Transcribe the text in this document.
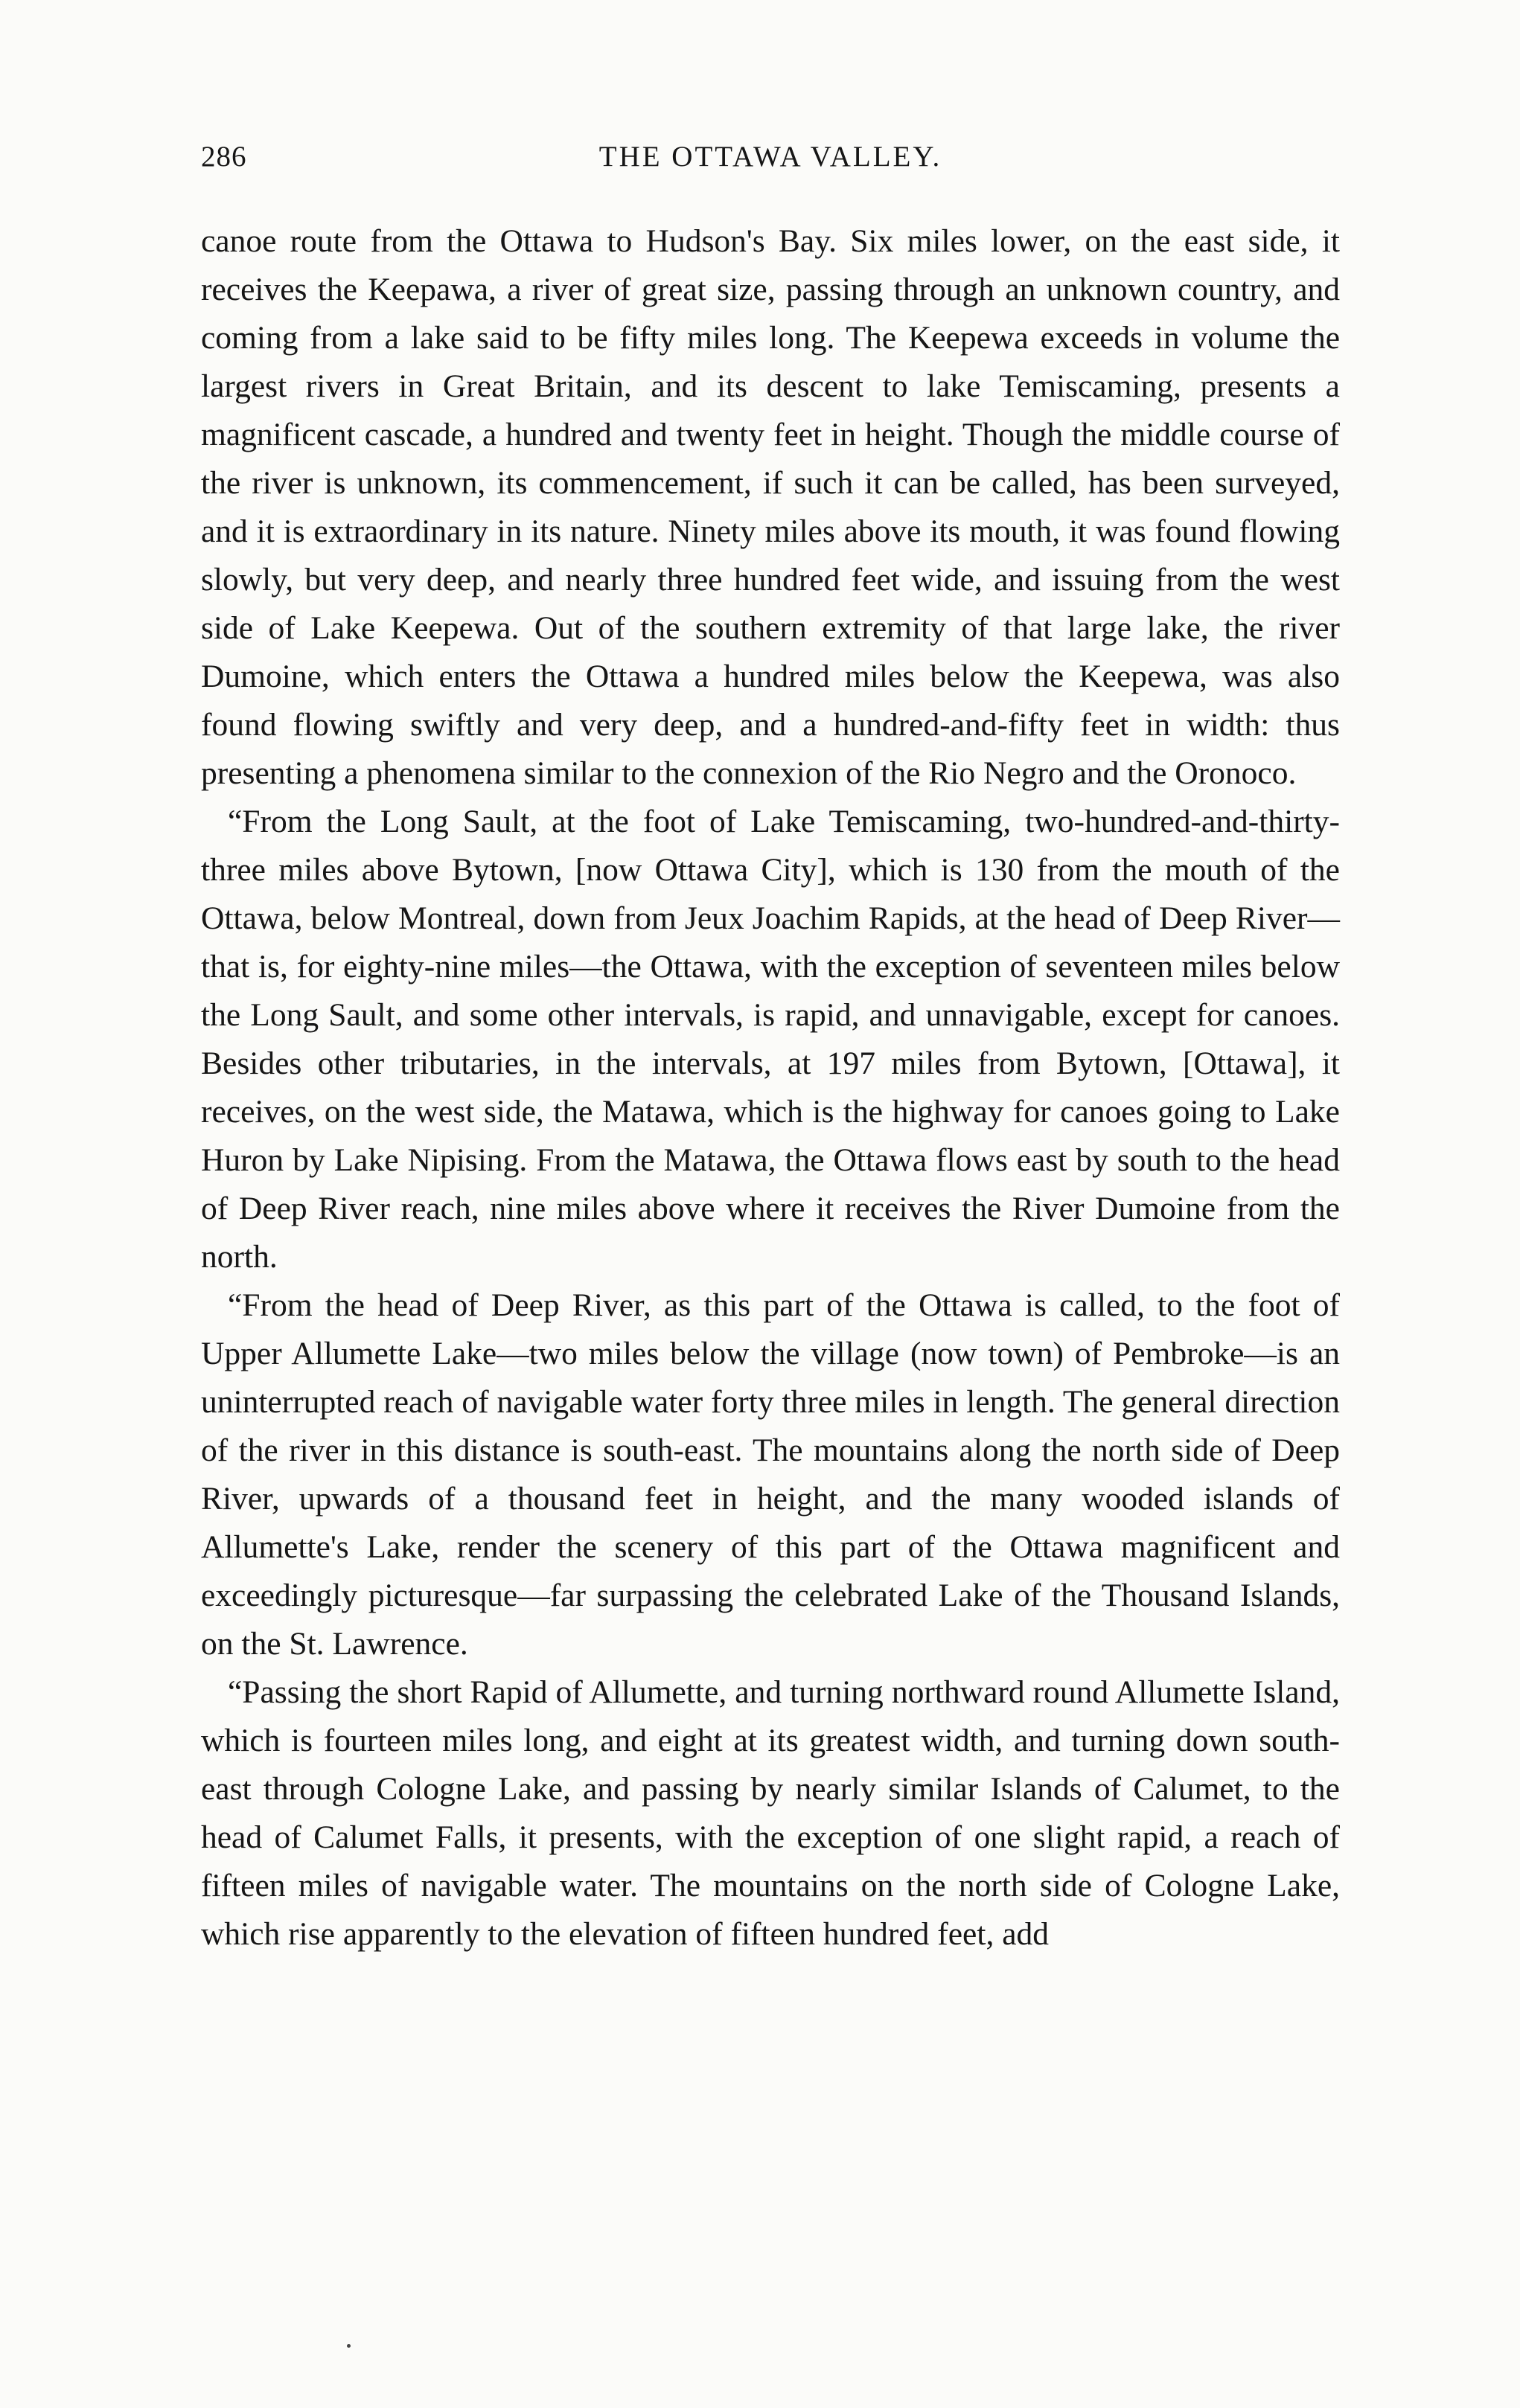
286	THE OTTAWA VALLEY.

canoe route from the Ottawa to Hudson's Bay. Six miles lower, on the east side, it receives the Keepawa, a river of great size, passing through an unknown country, and coming from a lake said to be fifty miles long. The Keepewa exceeds in volume the largest rivers in Great Britain, and its descent to lake Temiscaming, presents a magnificent cascade, a hundred and twenty feet in height. Though the middle course of the river is unknown, its commencement, if such it can be called, has been surveyed, and it is extraordinary in its nature. Ninety miles above its mouth, it was found flowing slowly, but very deep, and nearly three hundred feet wide, and issuing from the west side of Lake Keepewa. Out of the southern extremity of that large lake, the river Dumoine, which enters the Ottawa a hundred miles below the Keepewa, was also found flowing swiftly and very deep, and a hundred-and-fifty feet in width: thus presenting a phenomena similar to the connexion of the Rio Negro and the Oronoco.

“From the Long Sault, at the foot of Lake Temiscaming, two-hundred-and-thirty-three miles above Bytown, [now Ottawa City], which is 130 from the mouth of the Ottawa, below Montreal, down from Jeux Joachim Rapids, at the head of Deep River—that is, for eighty-nine miles—the Ottawa, with the exception of seventeen miles below the Long Sault, and some other intervals, is rapid, and unnavigable, except for canoes. Besides other tributaries, in the intervals, at 197 miles from Bytown, [Ottawa], it receives, on the west side, the Matawa, which is the highway for canoes going to Lake Huron by Lake Nipising. From the Matawa, the Ottawa flows east by south to the head of Deep River reach, nine miles above where it receives the River Dumoine from the north.

“From the head of Deep River, as this part of the Ottawa is called, to the foot of Upper Allumette Lake—two miles below the village (now town) of Pembroke—is an uninterrupted reach of navigable water forty three miles in length. The general direction of the river in this distance is south-east. The mountains along the north side of Deep River, upwards of a thousand feet in height, and the many wooded islands of Allumette's Lake, render the scenery of this part of the Ottawa magnificent and exceedingly picturesque—far surpassing the celebrated Lake of the Thousand Islands, on the St. Lawrence.

“Passing the short Rapid of Allumette, and turning northward round Allumette Island, which is fourteen miles long, and eight at its greatest width, and turning down south-east through Cologne Lake, and passing by nearly similar Islands of Calumet, to the head of Calumet Falls, it presents, with the exception of one slight rapid, a reach of fifteen miles of navigable water. The mountains on the north side of Cologne Lake, which rise apparently to the elevation of fifteen hundred feet, add
